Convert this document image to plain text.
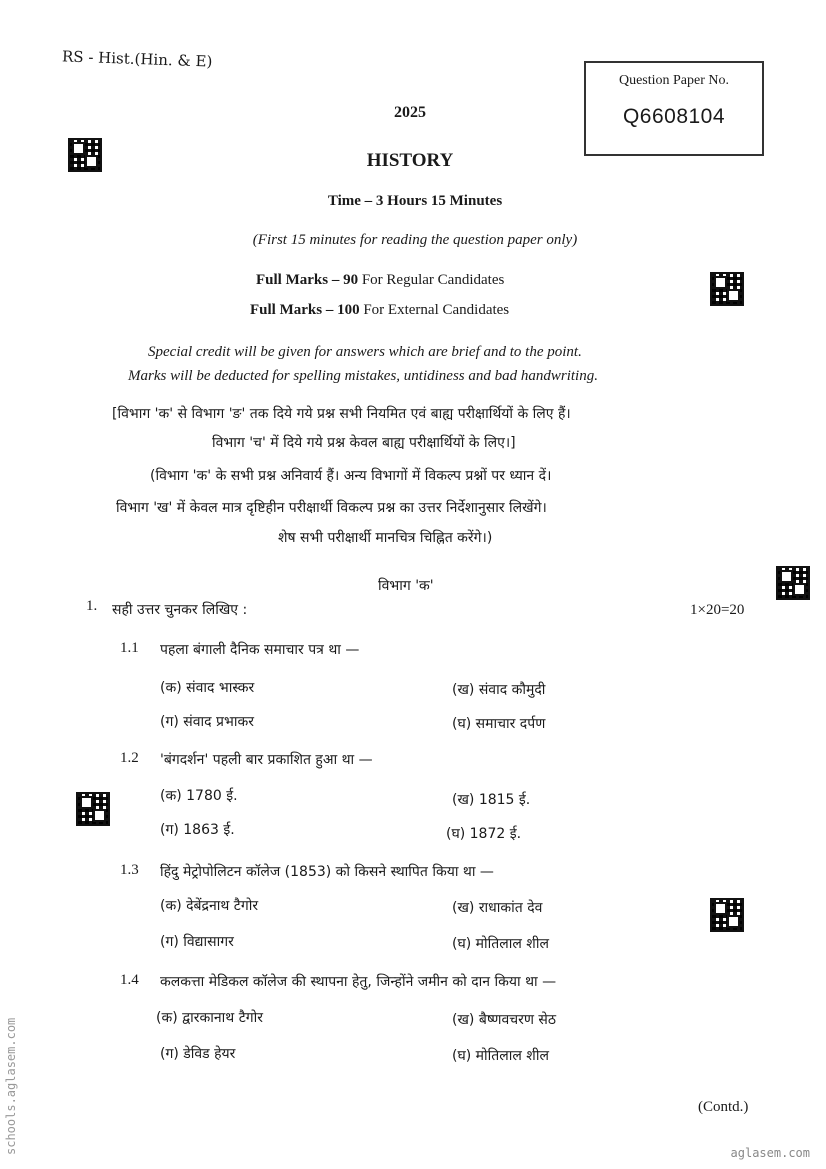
RS - Hist.(Hin. & E)
Question Paper No.
Q6608104
2025
HISTORY
Time – 3 Hours 15 Minutes
(First 15 minutes for reading the question paper only)
Full Marks – 90 For Regular Candidates
Full Marks – 100 For External Candidates
Special credit will be given for answers which are brief and to the point.
Marks will be deducted for spelling mistakes, untidiness and bad handwriting.
[विभाग 'क' से विभाग 'ङ' तक दिये गये प्रश्न सभी नियमित एवं बाह्य परीक्षार्थियों के लिए हैं।
विभाग 'च' में दिये गये प्रश्न केवल बाह्य परीक्षार्थियों के लिए।]
(विभाग 'क' के सभी प्रश्न अनिवार्य हैं। अन्य विभागों में विकल्प प्रश्नों पर ध्यान दें।
विभाग 'ख' में केवल मात्र दृष्टिहीन परीक्षार्थी विकल्प प्रश्न का उत्तर निर्देशानुसार लिखेंगे।
शेष सभी परीक्षार्थी मानचित्र चिह्नित करेंगे।)
विभाग 'क'
1. सही उत्तर चुनकर लिखिए :	1×20=20
1.1 पहला बंगाली दैनिक समाचार पत्र था —
(क) संवाद भास्कर	(ख) संवाद कौमुदी
(ग) संवाद प्रभाकर	(घ) समाचार दर्पण
1.2 'बंगदर्शन' पहली बार प्रकाशित हुआ था —
(क) 1780 ई.	(ख) 1815 ई.
(ग) 1863 ई.	(घ) 1872 ई.
1.3 हिंदु मेट्रोपोलिटन कॉलेज (1853) को किसने स्थापित किया था —
(क) देबेंद्रनाथ टैगोर	(ख) राधाकांत देव
(ग) विद्यासागर	(घ) मोतिलाल शील
1.4 कलकत्ता मेडिकल कॉलेज की स्थापना हेतु, जिन्होंने जमीन को दान किया था —
(क) द्वारकानाथ टैगोर	(ख) बैष्णवचरण सेठ
(ग) डेविड हेयर	(घ) मोतिलाल शील
(Contd.)
schools.aglasem.com	aglasem.com
